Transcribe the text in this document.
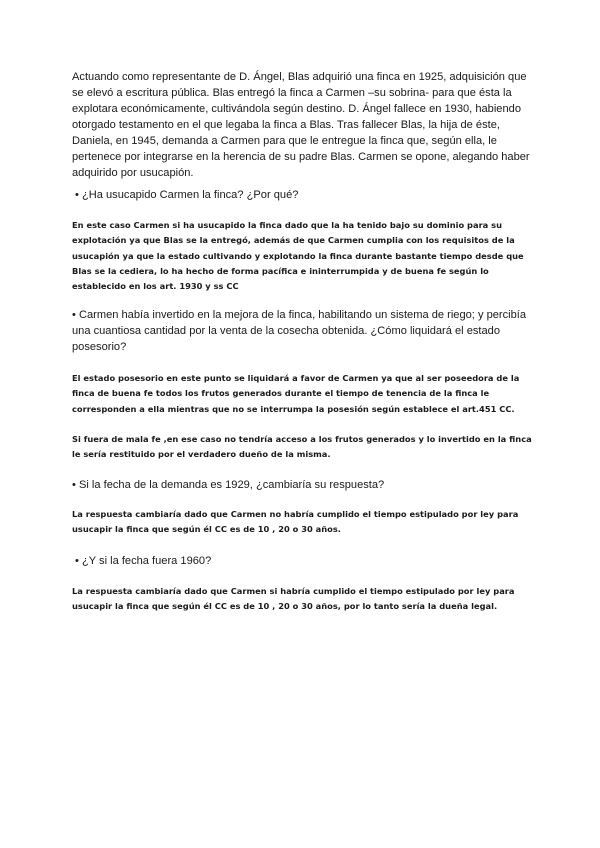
Actuando como representante de D. Ángel, Blas adquirió una finca en 1925, adquisición que se elevó a escritura pública. Blas entregó la finca a Carmen –su sobrina- para que ésta la explotara económicamente, cultivándola según destino. D. Ángel fallece en 1930, habiendo otorgado testamento en el que legaba la finca a Blas. Tras fallecer Blas, la hija de éste, Daniela, en 1945, demanda a Carmen para que le entregue la finca que, según ella, le pertenece por integrarse en la herencia de su padre Blas. Carmen se opone, alegando haber adquirido por usucapión.

• ¿Ha usucapido Carmen la finca? ¿Por qué?
En este caso Carmen si ha usucapido la finca dado que la ha tenido bajo su dominio para su explotación ya que Blas se la entregó, además de que Carmen cumplia con los requisitos de la usucapión ya que la estado cultivando y explotando la finca durante bastante tiempo desde que Blas se la cediera, lo ha hecho de forma pacífica e ininterrumpida y de buena fe según lo establecido en los art. 1930 y ss CC
• Carmen había invertido en la mejora de la finca, habilitando un sistema de riego; y percibía una cuantiosa cantidad por la venta de la cosecha obtenida. ¿Cómo liquidará el estado posesorio?
El estado posesorio en este punto se liquidará a favor de Carmen ya que al ser poseedora de la finca de buena fe todos los frutos generados durante el tiempo de tenencia de la finca le corresponden a ella mientras que no se interrumpa la posesión según establece el art.451 CC.
Si fuera de mala fe ,en ese caso no tendría acceso a los frutos generados y lo invertido en la finca le sería restituido por el verdadero dueño de la misma.
• Si la fecha de la demanda es 1929, ¿cambiaría su respuesta?
La respuesta cambiaría dado que Carmen no habría cumplido el tiempo estipulado por ley para usucapir la finca que según él CC es de 10 , 20 o 30 años.
• ¿Y si la fecha fuera 1960?
La respuesta cambiaría dado que Carmen si habría cumplido el tiempo estipulado por ley para usucapir la finca que según él CC es de 10 , 20 o 30 años, por lo tanto sería la dueña legal.
